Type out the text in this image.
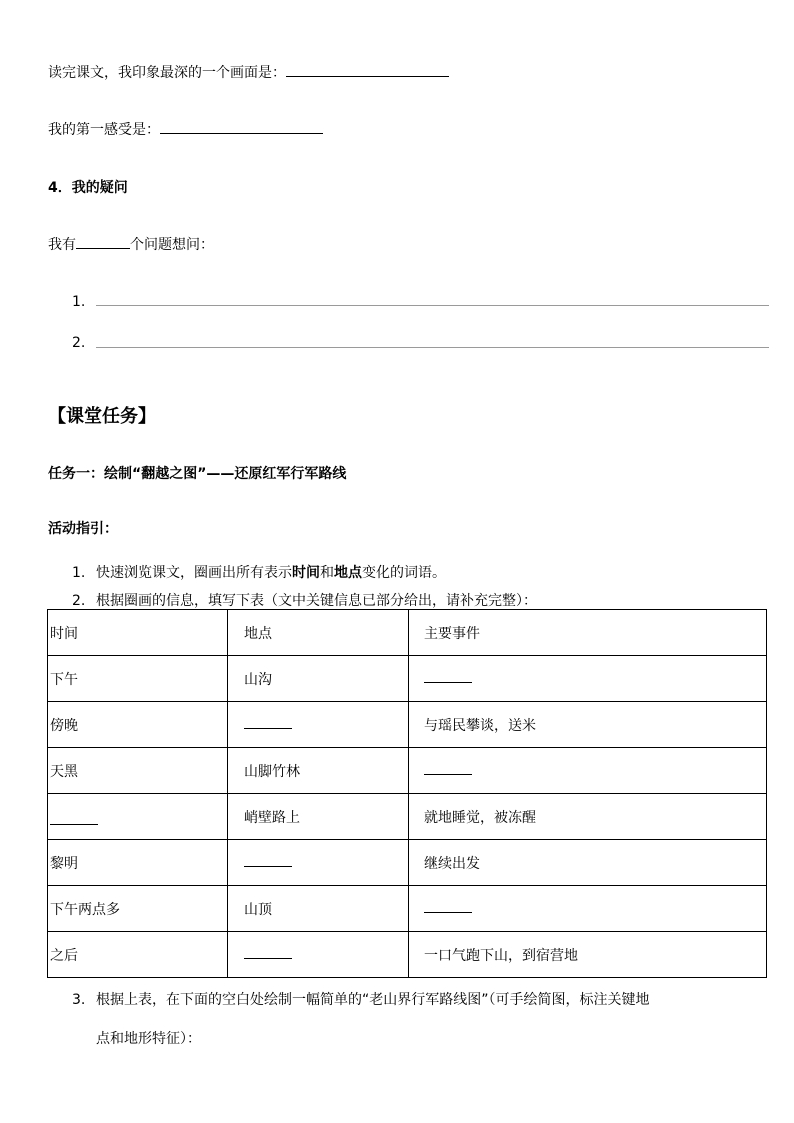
读完课文，我印象最深的一个画面是：
我的第一感受是：
4．我的疑问
我有	个问题想问：
1.
2.
【课堂任务】
任务一：绘制“翻越之图”——还原红军行军路线
活动指引：
1. 快速浏览课文，圈画出所有表示时间和地点变化的词语。
2. 根据圈画的信息，填写下表（文中关键信息已部分给出，请补充完整）：
时间	地点	主要事件
下午	山沟	
傍晚		与瑶民攀谈，送米
天黑	山脚竹林	
	峭壁路上	就地睡觉，被冻醒
黎明		继续出发
下午两点多	山顶	
之后		一口气跑下山，到宿营地
3. 根据上表，在下面的空白处绘制一幅简单的“老山界行军路线图”（可手绘简图，标注关键地
点和地形特征）：
